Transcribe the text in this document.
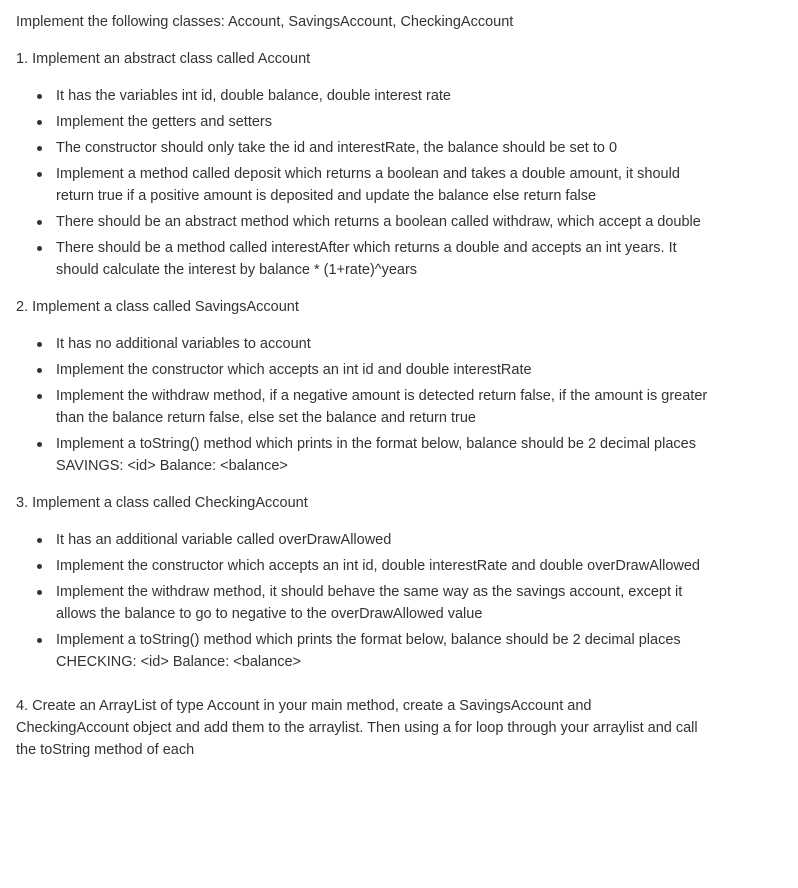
Implement the following classes: Account, SavingsAccount, CheckingAccount
1. Implement an abstract class called Account
It has the variables int id, double balance, double interest rate
Implement the getters and setters
The constructor should only take the id and interestRate, the balance should be set to 0
Implement a method called deposit which returns a boolean and takes a double amount, it should return true if a positive amount is deposited and update the balance else return false
There should be an abstract method which returns a boolean called withdraw, which accept a double
There should be a method called interestAfter which returns a double and accepts an int years. It should calculate the interest by balance * (1+rate)^years
2. Implement a class called SavingsAccount
It has no additional variables to account
Implement the constructor which accepts an int id and double interestRate
Implement the withdraw method, if a negative amount is detected return false, if the amount is greater than the balance return false, else set the balance and return true
Implement a toString() method which prints in the format below, balance should be 2 decimal places
SAVINGS: <id> Balance: <balance>
3. Implement a class called CheckingAccount
It has an additional variable called overDrawAllowed
Implement the constructor which accepts an int id, double interestRate and double overDrawAllowed
Implement the withdraw method, it should behave the same way as the savings account, except it allows the balance to go to negative to the overDrawAllowed value
Implement a toString() method which prints the format below, balance should be 2 decimal places
CHECKING: <id> Balance: <balance>
4. Create an ArrayList of type Account in your main method, create a SavingsAccount and CheckingAccount object and add them to the arraylist. Then using a for loop through your arraylist and call the toString method of each
